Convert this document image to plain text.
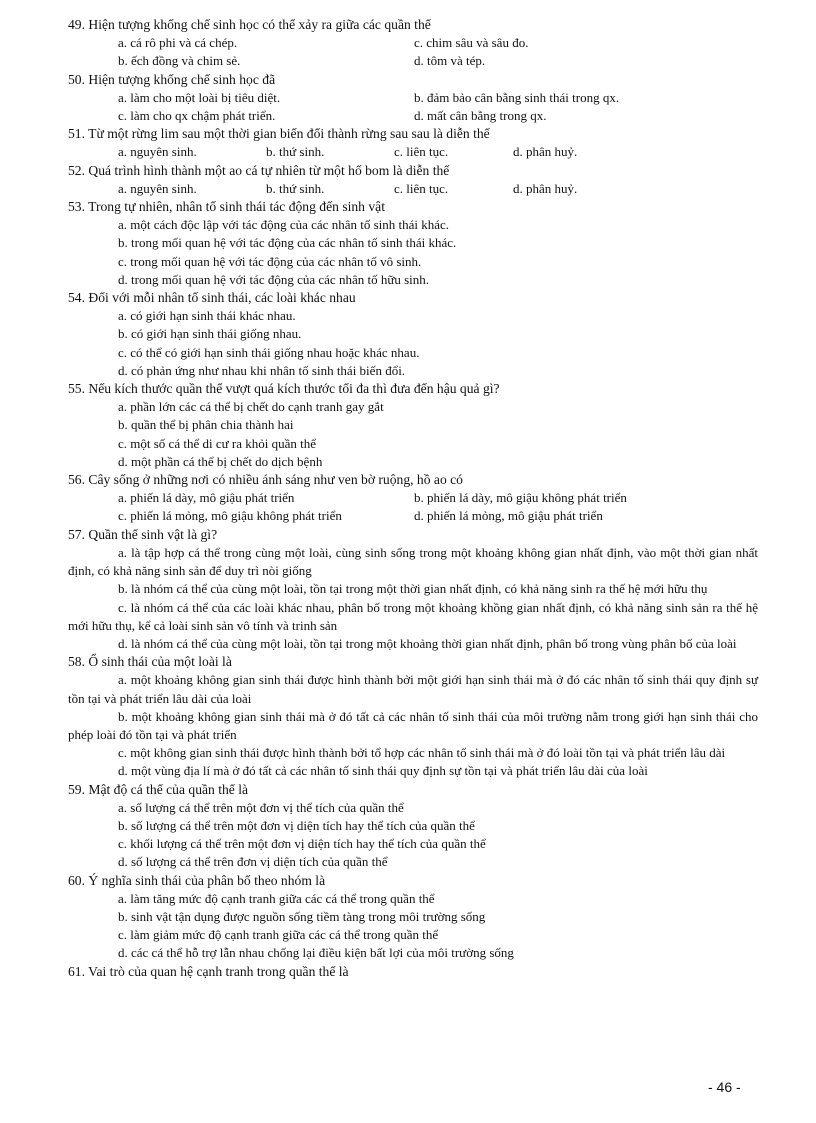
49. Hiện tượng khống chế sinh học có thể xảy ra giữa các quần thể

a. cá rô phi và cá chép.	c. chim sâu và sâu đo.
b. ếch đồng và chim sẻ.	d. tôm và tép.

50. Hiện tượng khống chế sinh học đã

a. làm cho một loài bị tiêu diệt.	b. đảm bảo cân bằng sinh thái trong qx.
c. làm cho qx chậm phát triển.	d. mất cân bằng trong qx.

51. Từ một rừng lim sau một thời gian biến đổi thành rừng sau sau là diễn thế

a. nguyên sinh.	b. thứ sinh.	c. liên tục.	d. phân huỷ.

52. Quá trình hình thành một ao cá tự nhiên từ một hố bom là diễn thế

a. nguyên sinh.	b. thứ sinh.	c. liên tục.	d. phân huỷ.

53. Trong tự nhiên, nhân tố sinh thái tác động đến sinh vật

a. một cách độc lập với tác động của các nhân tố sinh thái khác.
b. trong mối quan hệ với tác động của các nhân tố sinh thái khác.
c. trong mối quan hệ với tác động của các nhân tố vô sinh.
d. trong mối quan hệ với tác động của các nhân tố hữu sinh.

54. Đối với mỗi nhân tố sinh thái, các loài khác nhau

a. có giới hạn sinh thái khác nhau.
b. có giới hạn sinh thái giống nhau.
c. có thể có giới hạn sinh thái giống nhau hoặc khác nhau.
d. có phản ứng như nhau khi nhân tố sinh thái biến đổi.

55. Nếu kích thước quần thể vượt quá kích thước tối đa thì đưa đến hậu quả gì?

a. phần lớn các cá thể bị chết do cạnh tranh gay gắt
b. quần thể bị phân chia thành hai
c. một số cá thể di cư ra khỏi quần thể
d. một phần cá thể bị chết do dịch bệnh

56. Cây sống ở những nơi có nhiều ánh sáng như ven bờ ruộng, hồ ao có

a. phiến lá dày, mô giậu phát triển	b. phiến lá dày, mô giậu không phát triển
c. phiến lá mỏng, mô giậu không phát triển	d. phiến lá mỏng, mô giậu phát triển

57. Quần thể sinh vật là gì?

a. là tập hợp cá thể trong cùng một loài, cùng sinh sống trong một khoảng không gian nhất định, vào một thời gian nhất định, có khả năng sinh sản để duy trì nòi giống
b. là nhóm cá thể của cùng một loài, tồn tại trong một thời gian nhất định, có khả năng sinh ra thế hệ mới hữu thụ
c. là nhóm cá thể của các loài khác nhau, phân bố trong một khoảng khồng gian nhất định, có khả năng sinh sản ra thế hệ mới hữu thụ, kể cả loài sinh sản vô tính và trinh sản
d. là nhóm cá thể của cùng một loài, tồn tại trong một khoảng thời gian nhất định, phân bố trong vùng phân bố của loài

58. Ổ sinh thái của một loài là

a. một khoảng không gian sinh thái được hình thành bởi một giới hạn sinh thái mà ở đó các nhân tố sinh thái quy định sự tồn tại và phát triển lâu dài của loài
b. một khoảng không gian sinh thái mà ở đó tất cả các nhân tố sinh thái của môi trường nằm trong giới hạn sinh thái cho phép loài đó tồn tại và phát triển
c. một không gian sinh thái được hình thành bởi tổ hợp các nhân tố sinh thái mà ở đó loài tồn tại và phát triển lâu dài
d. một vùng địa lí mà ở đó tất cả các nhân tố sinh thái quy định sự tồn tại và phát triển lâu dài của loài

59. Mật độ cá thể của quần thể là

a. số lượng cá thể trên một đơn vị thể tích của quần thể
b. số lượng cá thể trên một đơn vị diện tích hay thể tích của quần thể
c. khối lượng cá thể trên một đơn vị diện tích hay thể tích của quần thể
d. số lượng cá thể trên đơn vị diện tích của quần thể

60. Ý nghĩa sinh thái của phân bố theo nhóm là

a. làm tăng mức độ cạnh tranh giữa các cá thể trong quần thể
b. sinh vật tận dụng được nguồn sống tiềm tàng trong môi trường sống
c. làm giảm mức độ cạnh tranh giữa các cá thể trong quần thể
d. các cá thể hỗ trợ lẫn nhau chống lại điều kiện bất lợi của môi trường sống

61. Vai trò của quan hệ cạnh tranh trong quần thể là

- 46 -
